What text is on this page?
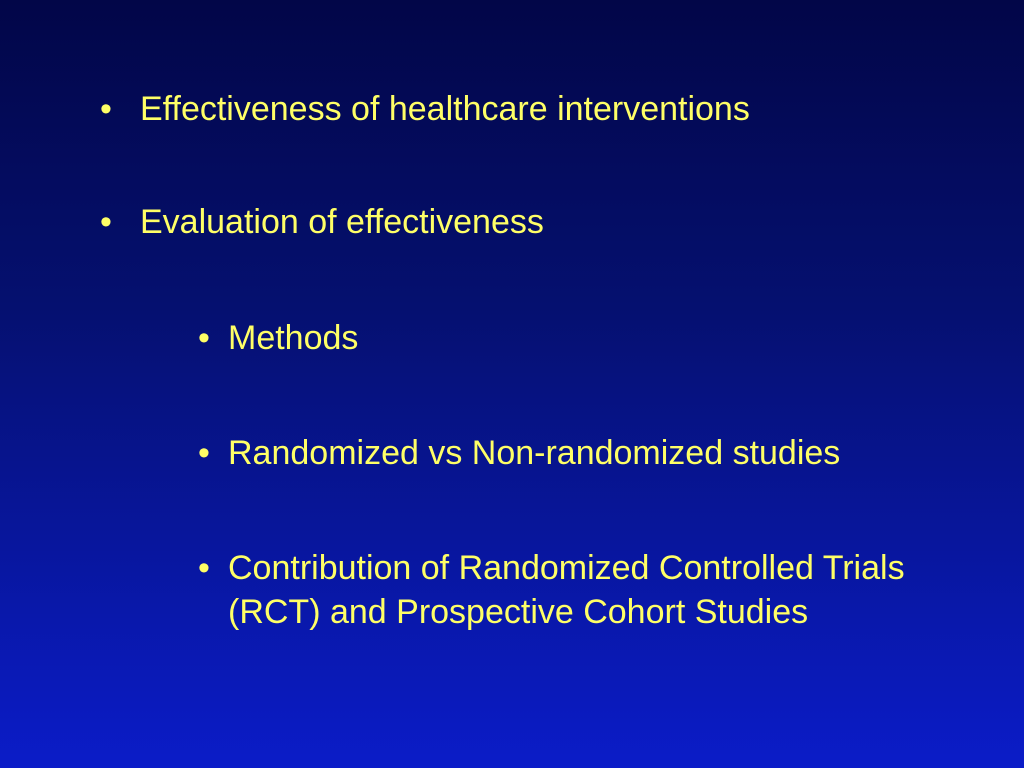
• Effectiveness of healthcare interventions
• Evaluation of effectiveness
• Methods
• Randomized vs Non-randomized studies
• Contribution of Randomized Controlled Trials (RCT) and Prospective Cohort Studies
